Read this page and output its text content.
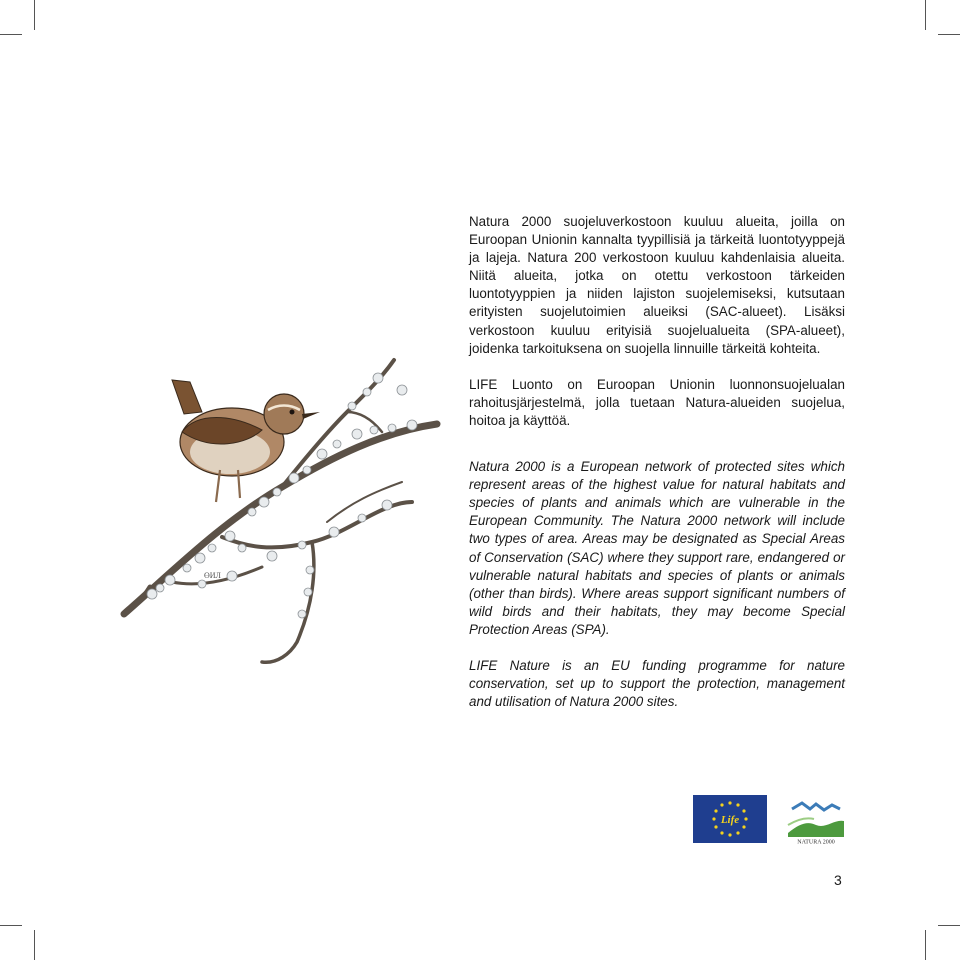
ӨИЛ

Natura 2000 suojeluverkostoon kuuluu alueita, joilla on Euroopan Unionin kannalta tyypillisiä ja tärkeitä luontotyyppejä ja lajeja. Natura 200 verkostoon kuuluu kahdenlaisia alueita. Niitä alueita, jotka on otettu verkostoon tärkeiden luontotyyppien ja niiden lajiston suojelemiseksi, kutsutaan erityisten suojelutoimien alueiksi (SAC-alueet). Lisäksi verkostoon kuuluu erityisiä suojelualueita (SPA-alueet), joidenka tarkoituksena on suojella linnuille tärkeitä kohteita.

LIFE Luonto on Euroopan Unionin luonnonsuojelualan rahoitusjärjestelmä, jolla tuetaan Natura-alueiden suojelua, hoitoa ja käyttöä.

Natura 2000 is a European network of protected sites which represent areas of the highest value for natural habitats and species of plants and animals which are vulnerable in the European Community. The Natura 2000 network will include two types of area. Areas may be designated as Special Areas of Conservation (SAC) where they support rare, endangered or vulnerable natural habitats and species of plants or animals (other than birds). Where areas support significant numbers of wild birds and their habitats, they may become Special Protection Areas (SPA).

LIFE Nature is an EU funding programme for nature conservation, set up to support the protection, management and utilisation of Natura 2000 sites.

Life
NATURA 2000
3
